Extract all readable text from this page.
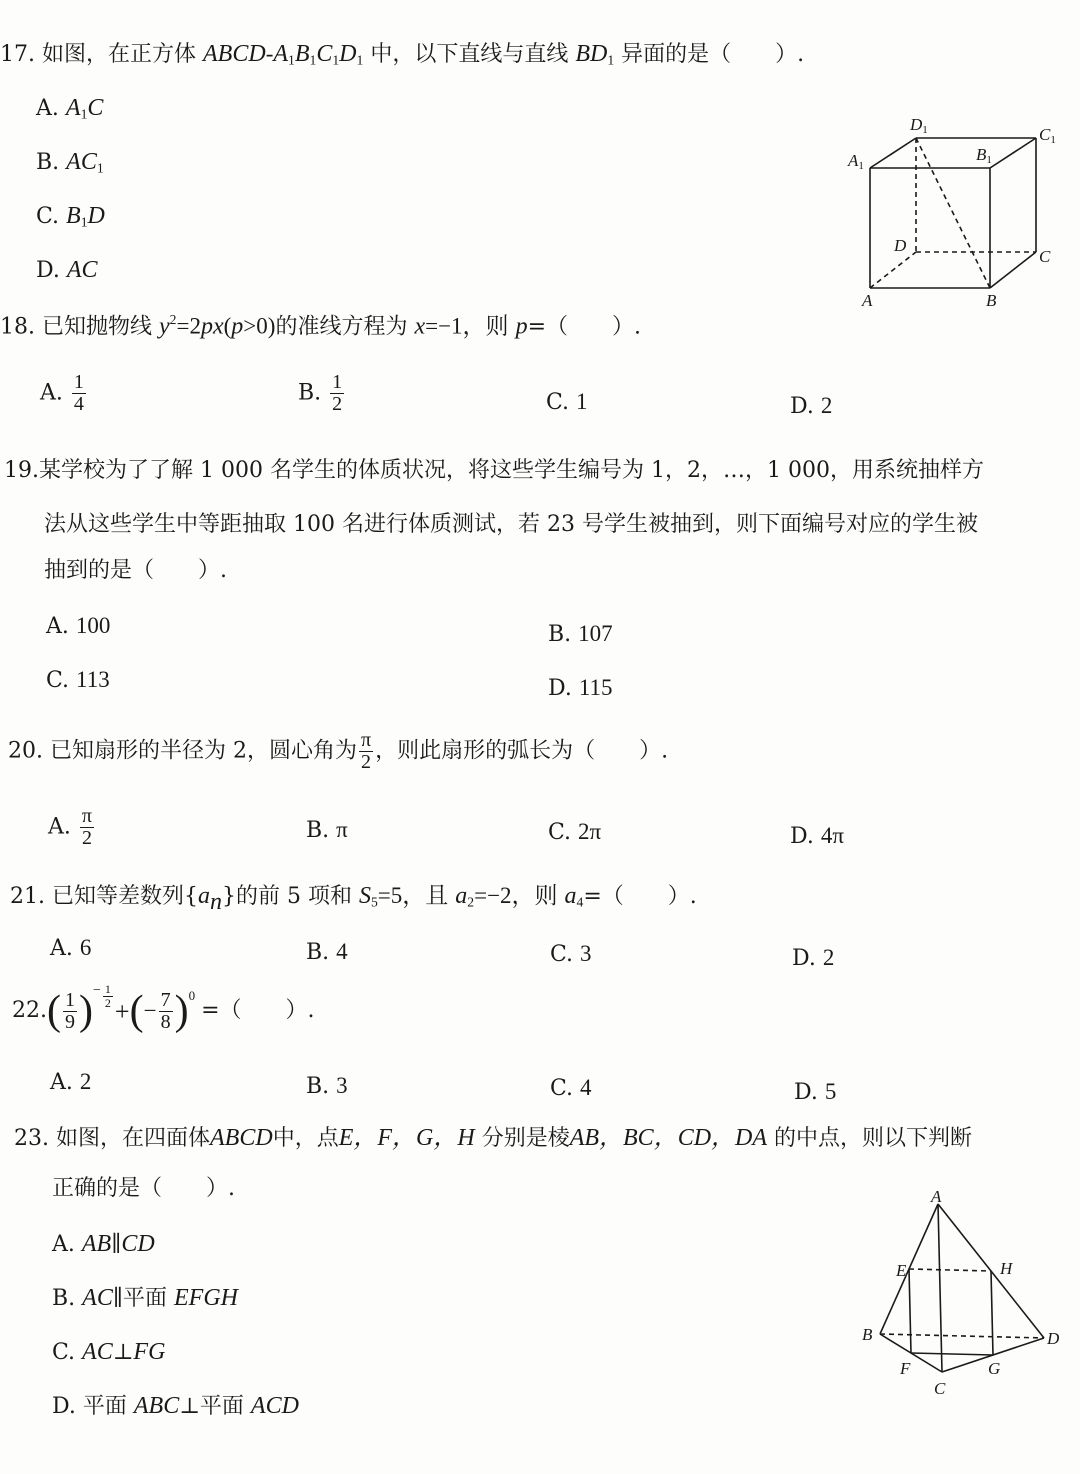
17. 如图，在正方体 ABCD-$A_1B_1C_1D_1$ 中，以下直线与直线 $BD_1$ 异面的是（　　）.
A. $A_1C$
B. $AC_1$
C. $B_1D$
D. AC
D1	C1
A1
B1
D
C
A	B
18. 已知抛物线 $y^2=2px(p>0)$的准线方程为 x=−1，则 p=（　　）.
A. $\frac{1}{4}$	B. $\frac{1}{2}$	C. 1	D. 2
19.某学校为了了解 1 000 名学生的体质状况，将这些学生编号为 1，2，…，1 000，用系统抽样方
法从这些学生中等距抽取 100 名进行体质测试，若 23 号学生被抽到，则下面编号对应的学生被
抽到的是（　　）.
A. 100	B. 107
C. 113	D. 115
20. 已知扇形的半径为 2，圆心角为 $\frac{\pi}{2}$ ，则此扇形的弧长为（　　）.
A. $\frac{\pi}{2}$	B. π	C. 2π	D. 4π
21. 已知等差数列$\{a_n\}$的前 5 项和 $S_5=5$，且 $a_2=-2$，则 $a_4=$（　　）.
A. 6	B. 4	C. 3	D. 2
22. ( $\frac{1}{9}$ ) − $\frac{1}{2}$
+ ( − $\frac{7}{8}$ ) 0
=（　　）.
A. 2	B. 3	C. 4	D. 5
23. 如图，在四面体ABCD中，点E，F，G，H 分别是棱AB，BC，CD，DA 的中点，则以下判断
正确的是（　　）.
A. AB∥CD
B. AC∥平面 EFGH
C. AC⊥FG
D. 平面 ABC⊥平面 ACD
A
E	H
B	D
F	G
C
